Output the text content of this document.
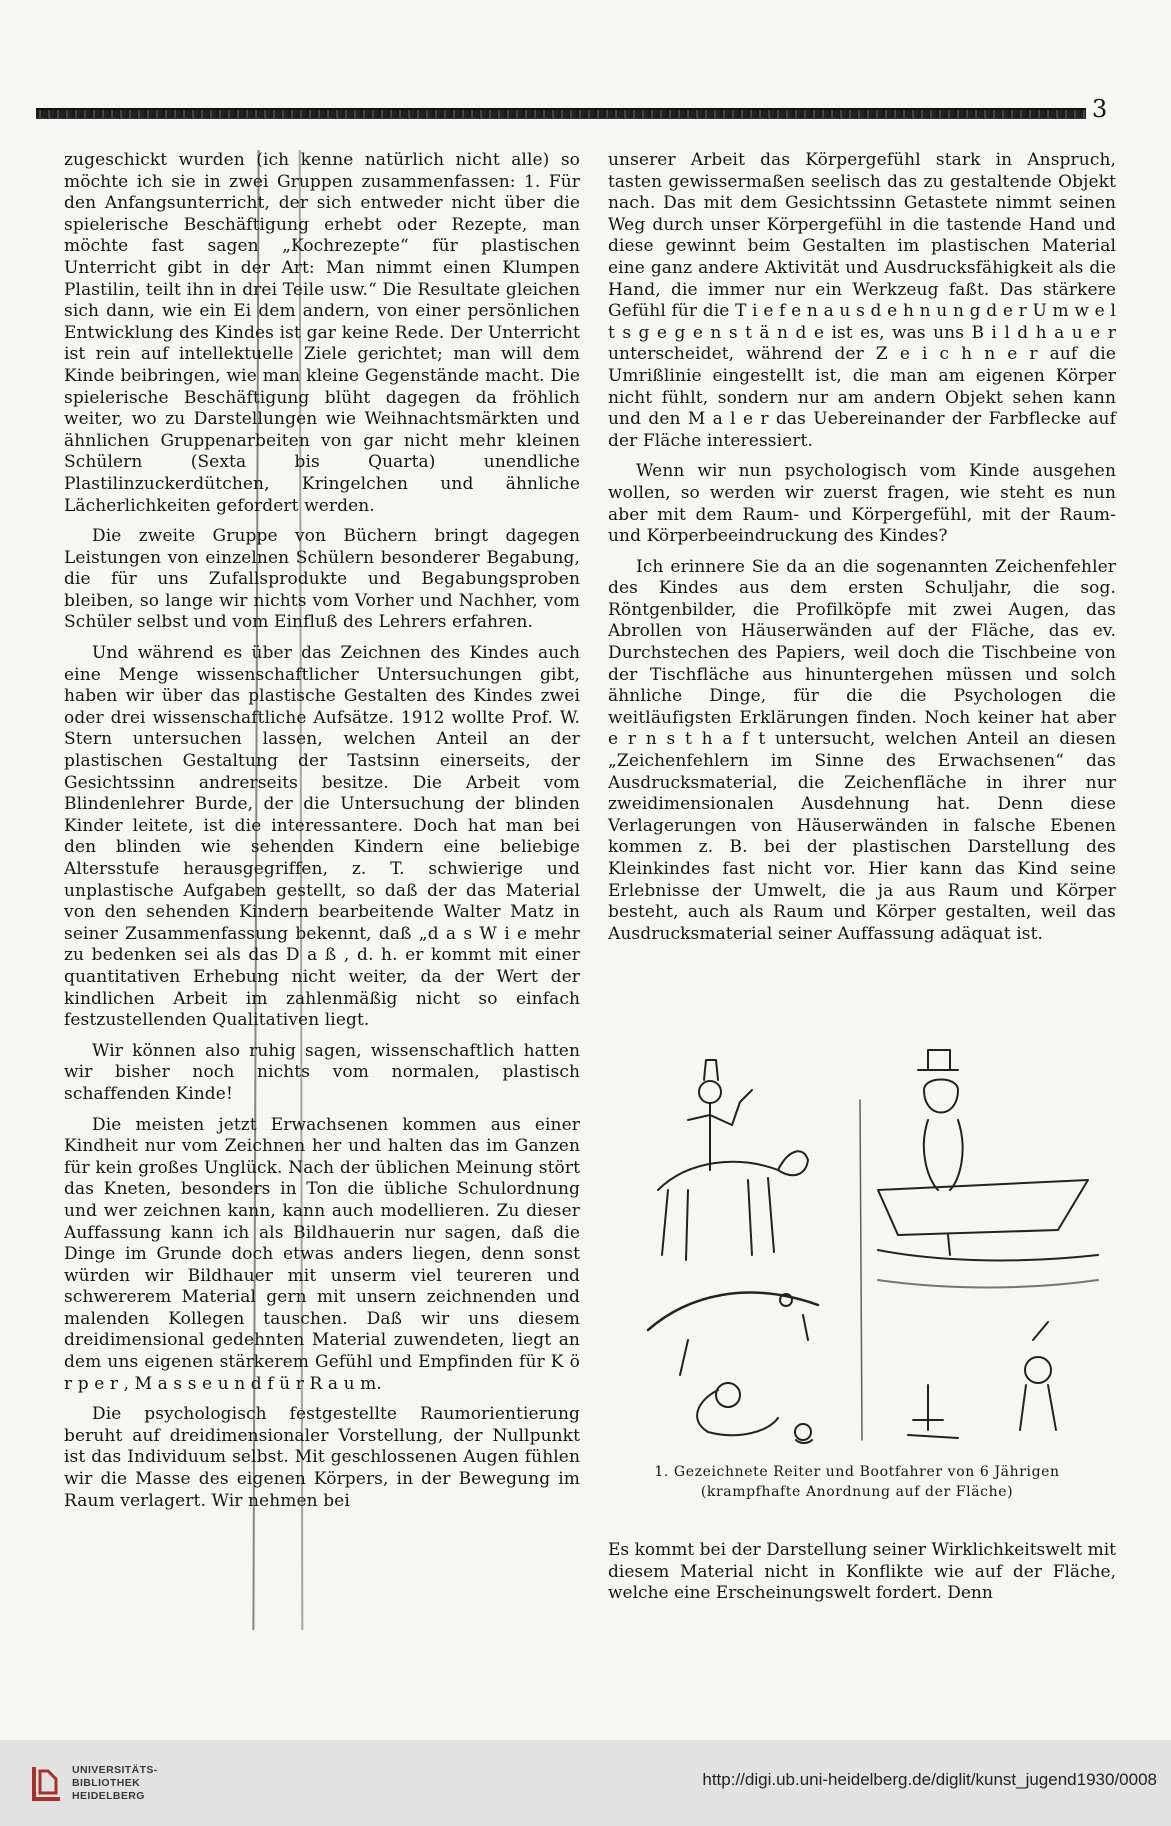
3

zugeschickt wurden (ich kenne natürlich nicht alle) so möchte ich sie in zwei Gruppen zusammenfassen: 1. Für den Anfangsunterricht, der sich entweder nicht über die spielerische Beschäftigung erhebt oder Rezepte, man möchte fast sagen „Kochrezepte“ für plastischen Unterricht gibt in der Art: Man nimmt einen Klumpen Plastilin, teilt ihn in drei Teile usw.“ Die Resultate gleichen sich dann, wie ein Ei dem andern, von einer persönlichen Entwicklung des Kindes ist gar keine Rede. Der Unterricht ist rein auf intellektuelle Ziele gerichtet; man will dem Kinde beibringen, wie man kleine Gegenstände macht. Die spielerische Beschäftigung blüht dagegen da fröhlich weiter, wo zu Darstellungen wie Weihnachtsmärkten und ähnlichen Gruppenarbeiten von gar nicht mehr kleinen Schülern (Sexta bis Quarta) unendliche Plastilinzuckerdütchen, Kringelchen und ähnliche Lächerlichkeiten gefordert werden.

Die zweite Gruppe von Büchern bringt dagegen Leistungen von einzelnen Schülern besonderer Begabung, die für uns Zufallsprodukte und Begabungsproben bleiben, so lange wir nichts vom Vorher und Nachher, vom Schüler selbst und vom Einfluß des Lehrers erfahren.

Und während es über das Zeichnen des Kindes auch eine Menge wissenschaftlicher Untersuchungen gibt, haben wir über das plastische Gestalten des Kindes zwei oder drei wissenschaftliche Aufsätze. 1912 wollte Prof. W. Stern untersuchen lassen, welchen Anteil an der plastischen Gestaltung der Tastsinn einerseits, der Gesichtssinn andrerseits besitze. Die Arbeit vom Blindenlehrer Burde, der die Untersuchung der blinden Kinder leitete, ist die interessantere. Doch hat man bei den blinden wie sehenden Kindern eine beliebige Altersstufe herausgegriffen, z. T. schwierige und unplastische Aufgaben gestellt, so daß der das Material von den sehenden Kindern bearbeitende Walter Matz in seiner Zusammenfassung bekennt, daß „d a s W i e mehr zu bedenken sei als das D a ß , d. h. er kommt mit einer quantitativen Erhebung nicht weiter, da der Wert der kindlichen Arbeit im zahlenmäßig nicht so einfach festzustellenden Qualitativen liegt.

Wir können also ruhig sagen, wissenschaftlich hatten wir bisher noch nichts vom normalen, plastisch schaffenden Kinde!

Die meisten jetzt Erwachsenen kommen aus einer Kindheit nur vom Zeichnen her und halten das im Ganzen für kein großes Unglück. Nach der üblichen Meinung stört das Kneten, besonders in Ton die übliche Schulordnung und wer zeichnen kann, kann auch modellieren. Zu dieser Auffassung kann ich als Bildhauerin nur sagen, daß die Dinge im Grunde doch etwas anders liegen, denn sonst würden wir Bildhauer mit unserm viel teureren und schwererem Material gern mit unsern zeichnenden und malenden Kollegen tauschen. Daß wir uns diesem dreidimensional gedehnten Material zuwendeten, liegt an dem uns eigenen stärkerem Gefühl und Empfinden für K ö r p e r , M a s s e u n d f ü r R a u m.

Die psychologisch festgestellte Raumorientierung beruht auf dreidimensionaler Vorstellung, der Nullpunkt ist das Individuum selbst. Mit geschlossenen Augen fühlen wir die Masse des eigenen Körpers, in der Bewegung im Raum verlagert. Wir nehmen bei

unserer Arbeit das Körpergefühl stark in Anspruch, tasten gewissermaßen seelisch das zu gestaltende Objekt nach. Das mit dem Gesichtssinn Getastete nimmt seinen Weg durch unser Körpergefühl in die tastende Hand und diese gewinnt beim Gestalten im plastischen Material eine ganz andere Aktivität und Ausdrucksfähigkeit als die Hand, die immer nur ein Werkzeug faßt. Das stärkere Gefühl für die T i e f e n a u s d e h n u n g d e r U m w e l t s g e g e n s t ä n d e ist es, was uns B i l d h a u e r unterscheidet, während der Z e i c h n e r auf die Umrißlinie eingestellt ist, die man am eigenen Körper nicht fühlt, sondern nur am andern Objekt sehen kann und den M a l e r das Uebereinander der Farbflecke auf der Fläche interessiert.

Wenn wir nun psychologisch vom Kinde ausgehen wollen, so werden wir zuerst fragen, wie steht es nun aber mit dem Raum- und Körpergefühl, mit der Raum- und Körperbeeindruckung des Kindes?

Ich erinnere Sie da an die sogenannten Zeichenfehler des Kindes aus dem ersten Schuljahr, die sog. Röntgenbilder, die Profilköpfe mit zwei Augen, das Abrollen von Häuserwänden auf der Fläche, das ev. Durchstechen des Papiers, weil doch die Tischbeine von der Tischfläche aus hinuntergehen müssen und solch ähnliche Dinge, für die die Psychologen die weitläufigsten Erklärungen finden. Noch keiner hat aber e r n s t h a f t untersucht, welchen Anteil an diesen „Zeichenfehlern im Sinne des Erwachsenen“ das Ausdrucksmaterial, die Zeichenfläche in ihrer nur zweidimensionalen Ausdehnung hat. Denn diese Verlagerungen von Häuserwänden in falsche Ebenen kommen z. B. bei der plastischen Darstellung des Kleinkindes fast nicht vor. Hier kann das Kind seine Erlebnisse der Umwelt, die ja aus Raum und Körper besteht, auch als Raum und Körper gestalten, weil das Ausdrucksmaterial seiner Auffassung adäquat ist.

1. Gezeichnete Reiter und Bootfahrer von 6 Jährigen
(krampfhafte Anordnung auf der Fläche)
Es kommt bei der Darstellung seiner Wirklichkeitswelt mit diesem Material nicht in Konflikte wie auf der Fläche, welche eine Erscheinungswelt fordert. Denn
UNIVERSITÄTS-
BIBLIOTHEK
HEIDELBERG
http://digi.ub.uni-heidelberg.de/diglit/kunst_jugend1930/0008
